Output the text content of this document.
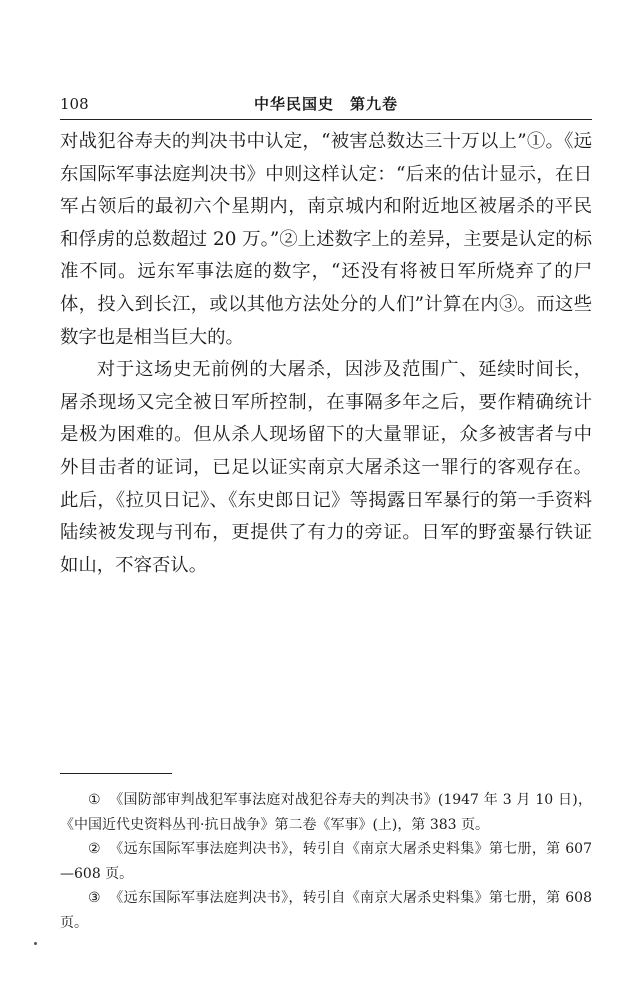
108	中华民国史　第九卷

对战犯谷寿夫的判决书中认定，“被害总数达三十万以上”①。《远东国际军事法庭判决书》中则这样认定：“后来的估计显示，在日军占领后的最初六个星期内，南京城内和附近地区被屠杀的平民和俘虏的总数超过 20 万。”②上述数字上的差异，主要是认定的标准不同。远东军事法庭的数字，“还没有将被日军所烧弃了的尸体，投入到长江，或以其他方法处分的人们”计算在内③。而这些数字也是相当巨大的。

对于这场史无前例的大屠杀，因涉及范围广、延续时间长，屠杀现场又完全被日军所控制，在事隔多年之后，要作精确统计是极为困难的。但从杀人现场留下的大量罪证，众多被害者与中外目击者的证词，已足以证实南京大屠杀这一罪行的客观存在。此后，《拉贝日记》、《东史郎日记》等揭露日军暴行的第一手资料陆续被发现与刊布，更提供了有力的旁证。日军的野蛮暴行铁证如山，不容否认。

① 《国防部审判战犯军事法庭对战犯谷寿夫的判决书》(1947 年 3 月 10 日)，《中国近代史资料丛刊·抗日战争》第二卷《军事》(上)，第 383 页。

② 《远东国际军事法庭判决书》，转引自《南京大屠杀史料集》第七册，第 607—608 页。

③ 《远东国际军事法庭判决书》，转引自《南京大屠杀史料集》第七册，第 608 页。
